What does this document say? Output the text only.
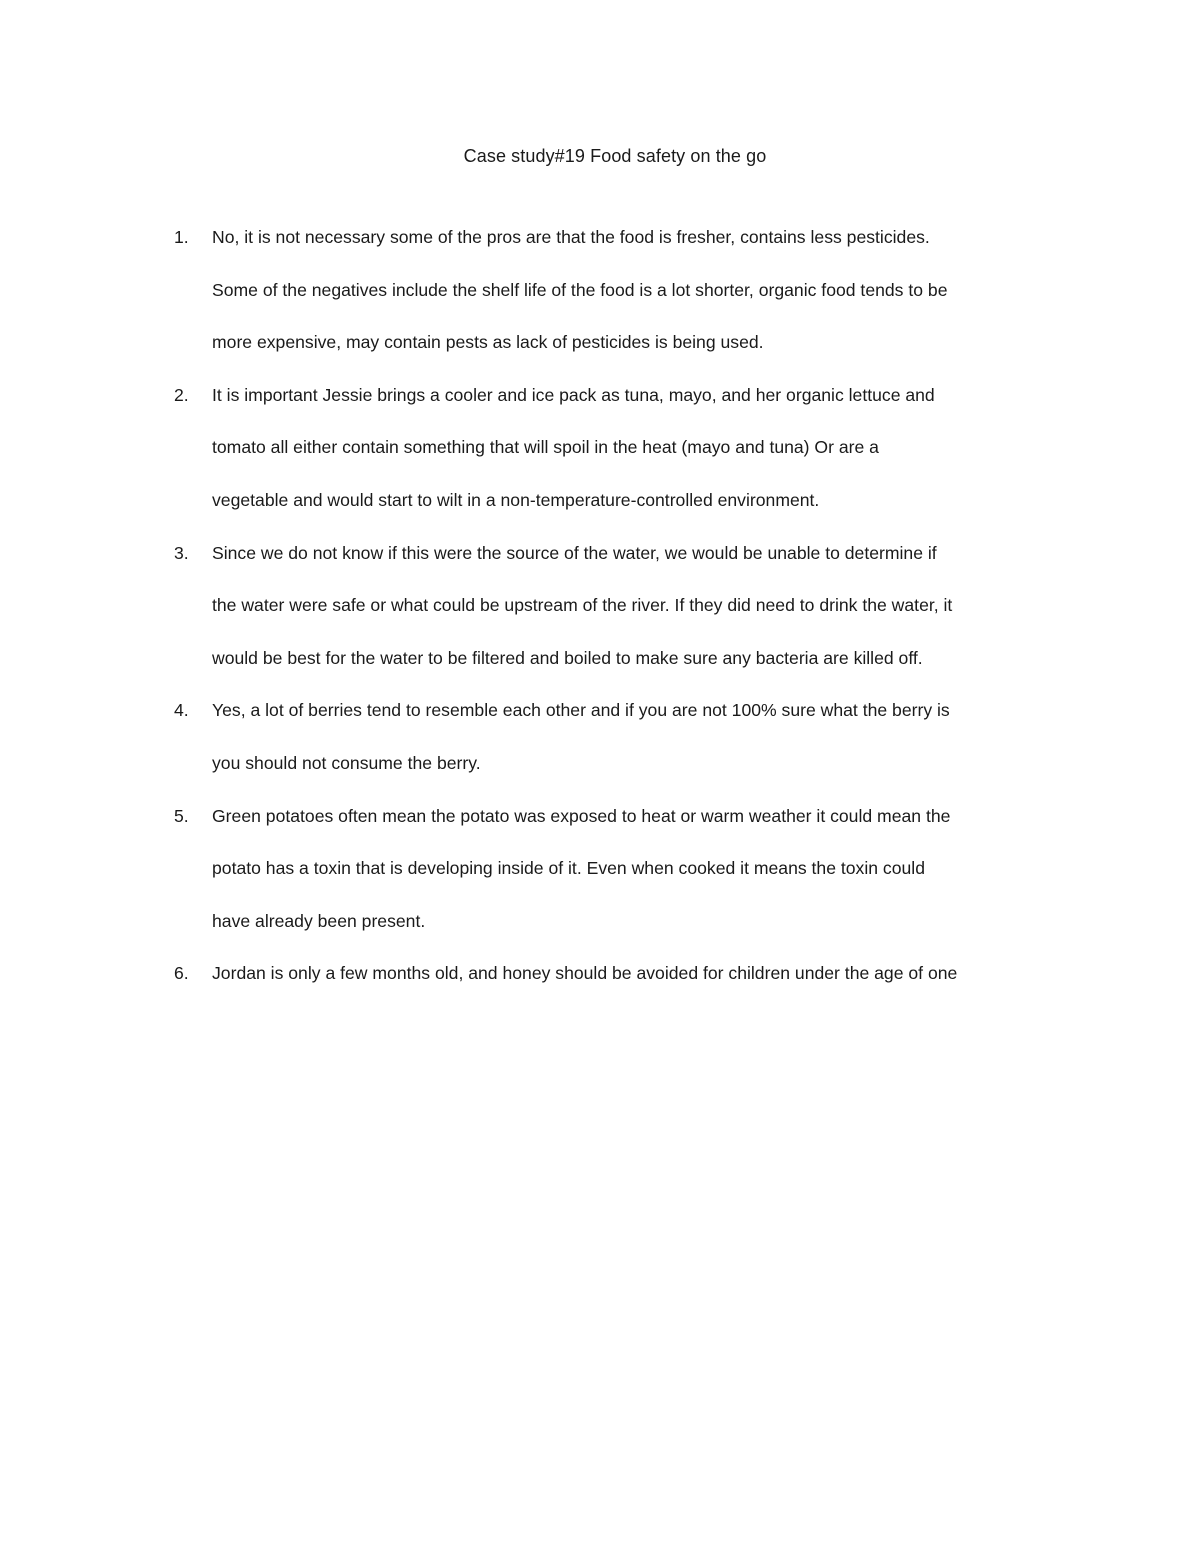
Case study#19 Food safety on the go
1. No, it is not necessary some of the pros are that the food is fresher, contains less pesticides.
Some of the negatives include the shelf life of the food is a lot shorter, organic food tends to be
more expensive, may contain pests as lack of pesticides is being used.
2. It is important Jessie brings a cooler and ice pack as tuna, mayo, and her organic lettuce and
tomato all either contain something that will spoil in the heat (mayo and tuna) Or are a
vegetable and would start to wilt in a non-temperature-controlled environment.
3. Since we do not know if this were the source of the water, we would be unable to determine if
the water were safe or what could be upstream of the river. If they did need to drink the water, it
would be best for the water to be filtered and boiled to make sure any bacteria are killed off.
4. Yes, a lot of berries tend to resemble each other and if you are not 100% sure what the berry is
you should not consume the berry.
5. Green potatoes often mean the potato was exposed to heat or warm weather it could mean the
potato has a toxin that is developing inside of it. Even when cooked it means the toxin could
have already been present.
6. Jordan is only a few months old, and honey should be avoided for children under the age of one
